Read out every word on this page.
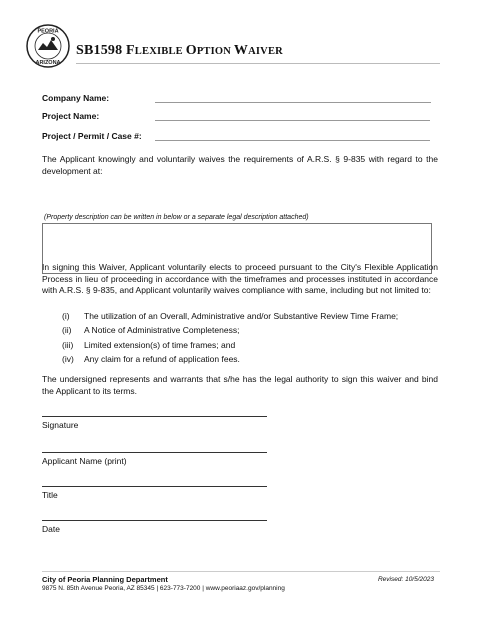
PEORIA
ARIZONA
SB1598 FLEXIBLE OPTION WAIVER
Company Name:
Project Name:
Project / Permit / Case #:
The Applicant knowingly and voluntarily waives the requirements of A.R.S. § 9-835 with regard to the development at:
(Property description can be written in below or a separate legal description attached)
In signing this Waiver, Applicant voluntarily elects to proceed pursuant to the City's Flexible Application Process in lieu of proceeding in accordance with the timeframes and processes instituted in accordance with A.R.S. § 9-835, and Applicant voluntarily waives compliance with same, including but not limited to:
(i)	The utilization of an Overall, Administrative and/or Substantive Review Time Frame;
(ii)	A Notice of Administrative Completeness;
(iii)	Limited extension(s) of time frames; and
(iv)	Any claim for a refund of application fees.
The undersigned represents and warrants that s/he has the legal authority to sign this waiver and bind the Applicant to its terms.
Signature
Applicant Name (print)
Title
Date
City of Peoria Planning Department
9875 N. 85th Avenue Peoria, AZ 85345 | 623-773-7200 | www.peoriaaz.gov/planning
Revised: 10/5/2023
